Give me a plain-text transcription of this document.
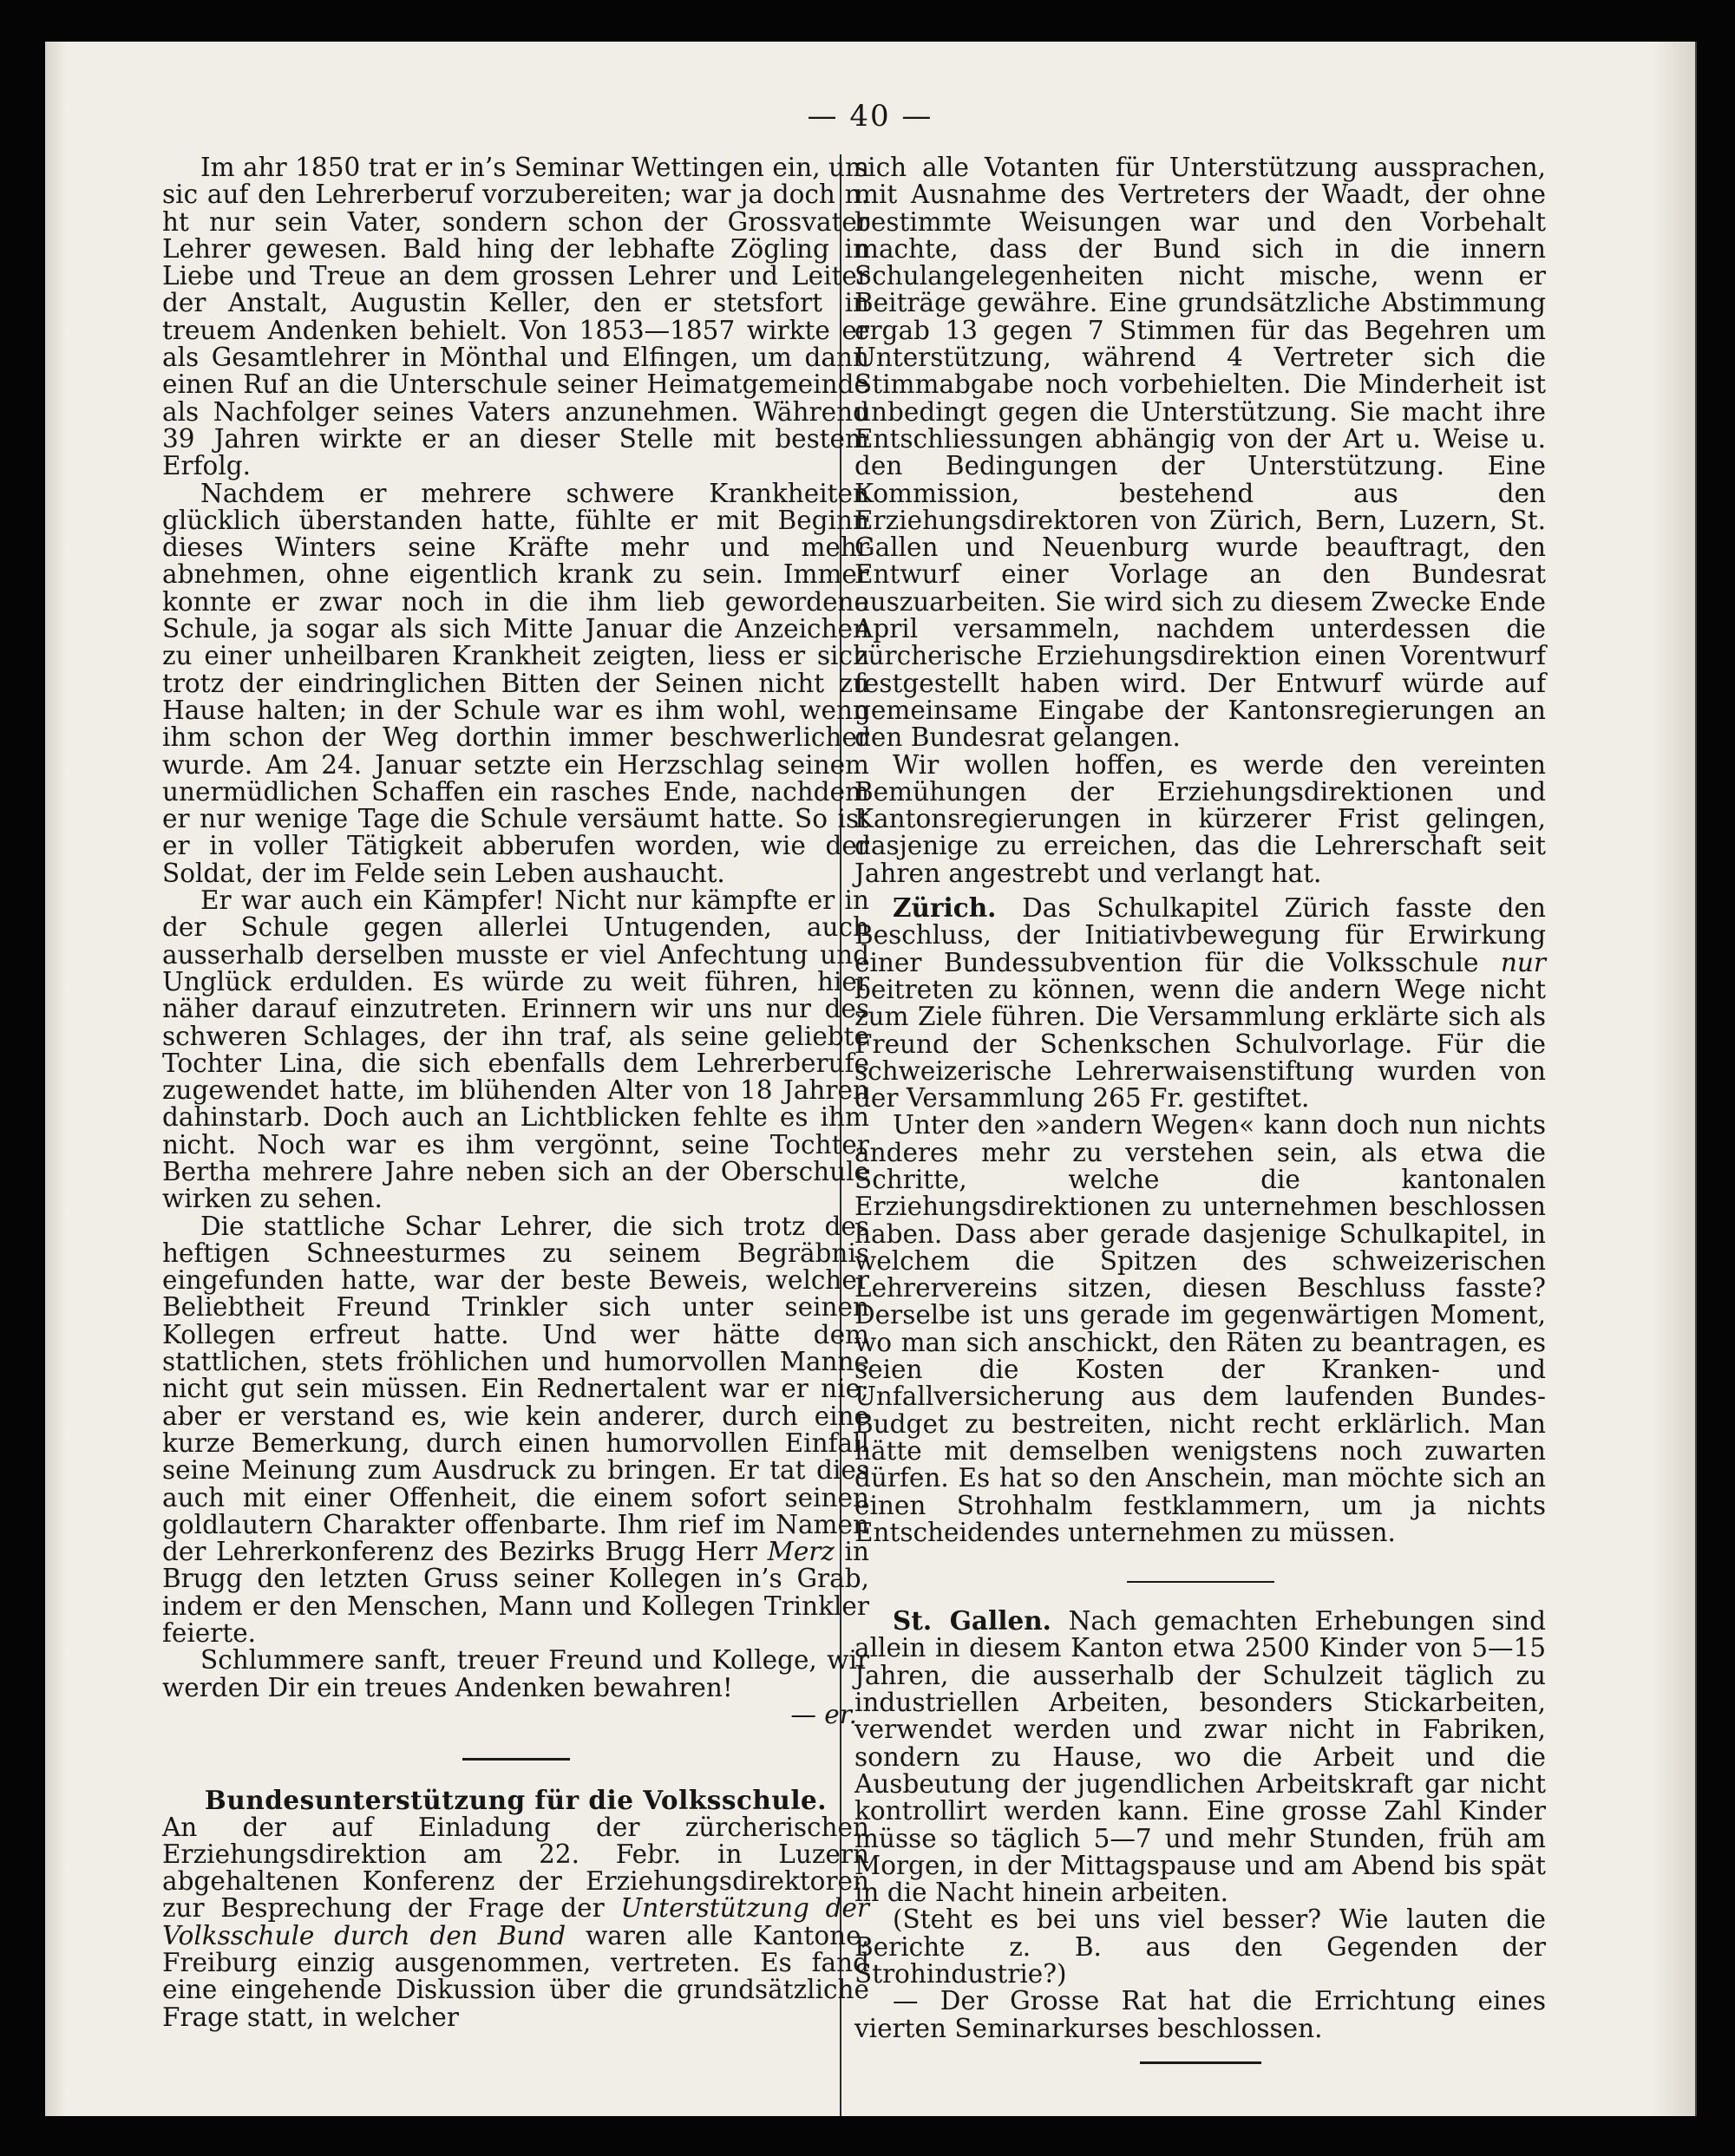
— 40 —

Im ahr 1850 trat er in’s Seminar Wettingen ein, um sic auf den Lehrerberuf vorzubereiten; war ja doch n. ht nur sein Vater, sondern schon der Grossvater Lehrer gewesen. Bald hing der lebhafte Zögling in Liebe und Treue an dem grossen Lehrer und Leiter der Anstalt, Augustin Keller, den er stetsfort in treuem Andenken behielt. Von 1853—1857 wirkte er als Gesamtlehrer in Mönthal und Elfingen, um dann einen Ruf an die Unterschule seiner Heimatgemeinde als Nachfolger seines Vaters anzunehmen. Während 39 Jahren wirkte er an dieser Stelle mit bestem Erfolg.

Nachdem er mehrere schwere Krankheiten glücklich überstanden hatte, fühlte er mit Beginn dieses Winters seine Kräfte mehr und mehr abnehmen, ohne eigentlich krank zu sein. Immer konnte er zwar noch in die ihm lieb gewordene Schule, ja sogar als sich Mitte Januar die Anzeichen zu einer unheilbaren Krankheit zeigten, liess er sich trotz der eindringlichen Bitten der Seinen nicht zu Hause halten; in der Schule war es ihm wohl, wenn ihm schon der Weg dorthin immer beschwerlicher wurde. Am 24. Januar setzte ein Herzschlag seinem unermüdlichen Schaffen ein rasches Ende, nachdem er nur wenige Tage die Schule versäumt hatte. So ist er in voller Tätigkeit abberufen worden, wie der Soldat, der im Felde sein Leben aushaucht.

Er war auch ein Kämpfer! Nicht nur kämpfte er in der Schule gegen allerlei Untugenden, auch ausserhalb derselben musste er viel Anfechtung und Unglück erdulden. Es würde zu weit führen, hier näher darauf einzutreten. Erinnern wir uns nur des schweren Schlages, der ihn traf, als seine geliebte Tochter Lina, die sich ebenfalls dem Lehrerberufe zugewendet hatte, im blühenden Alter von 18 Jahren dahinstarb. Doch auch an Lichtblicken fehlte es ihm nicht. Noch war es ihm vergönnt, seine Tochter Bertha mehrere Jahre neben sich an der Oberschule wirken zu sehen.

Die stattliche Schar Lehrer, die sich trotz des heftigen Schneesturmes zu seinem Begräbnis eingefunden hatte, war der beste Beweis, welcher Beliebtheit Freund Trinkler sich unter seinen Kollegen erfreut hatte. Und wer hätte dem stattlichen, stets fröhlichen und humorvollen Manne nicht gut sein müssen. Ein Rednertalent war er nie; aber er verstand es, wie kein anderer, durch eine kurze Bemerkung, durch einen humorvollen Einfall seine Meinung zum Ausdruck zu bringen. Er tat dies auch mit einer Offenheit, die einem sofort seinen goldlautern Charakter offenbarte. Ihm rief im Namen der Lehrerkonferenz des Bezirks Brugg Herr Merz in Brugg den letzten Gruss seiner Kollegen in’s Grab, indem er den Menschen, Mann und Kollegen Trinkler feierte.

Schlummere sanft, treuer Freund und Kollege, wir werden Dir ein treues Andenken bewahren!

— er.

Bundesunterstützung für die Volksschule.

An der auf Einladung der zürcherischen Erziehungsdirektion am 22. Febr. in Luzern abgehaltenen Konferenz der Erziehungsdirektoren zur Besprechung der Frage der Unterstützung der Volksschule durch den Bund waren alle Kantone, Freiburg einzig ausgenommen, vertreten. Es fand eine eingehende Diskussion über die grundsätzliche Frage statt, in welcher

sich alle Votanten für Unterstützung aussprachen, mit Ausnahme des Vertreters der Waadt, der ohne bestimmte Weisungen war und den Vorbehalt machte, dass der Bund sich in die innern Schulangelegenheiten nicht mische, wenn er Beiträge gewähre. Eine grundsätzliche Abstimmung ergab 13 gegen 7 Stimmen für das Begehren um Unterstützung, während 4 Vertreter sich die Stimmabgabe noch vorbehielten. Die Minderheit ist unbedingt gegen die Unterstützung. Sie macht ihre Entschliessungen abhängig von der Art u. Weise u. den Bedingungen der Unterstützung. Eine Kommission, bestehend aus den Erziehungsdirektoren von Zürich, Bern, Luzern, St. Gallen und Neuenburg wurde beauftragt, den Entwurf einer Vorlage an den Bundesrat auszuarbeiten. Sie wird sich zu diesem Zwecke Ende April versammeln, nachdem unterdessen die zürcherische Erziehungsdirektion einen Vorentwurf festgestellt haben wird. Der Entwurf würde auf gemeinsame Eingabe der Kantonsregierungen an den Bundesrat gelangen.

Wir wollen hoffen, es werde den vereinten Bemühungen der Erziehungsdirektionen und Kantonsregierungen in kürzerer Frist gelingen, dasjenige zu erreichen, das die Lehrerschaft seit Jahren angestrebt und verlangt hat.

Zürich. Das Schulkapitel Zürich fasste den Beschluss, der Initiativbewegung für Erwirkung einer Bundessubvention für die Volksschule nur beitreten zu können, wenn die andern Wege nicht zum Ziele führen. Die Versammlung erklärte sich als Freund der Schenkschen Schulvorlage. Für die schweizerische Lehrerwaisenstiftung wurden von der Versammlung 265 Fr. gestiftet.

Unter den »andern Wegen« kann doch nun nichts anderes mehr zu verstehen sein, als etwa die Schritte, welche die kantonalen Erziehungsdirektionen zu unternehmen beschlossen haben. Dass aber gerade dasjenige Schulkapitel, in welchem die Spitzen des schweizerischen Lehrervereins sitzen, diesen Beschluss fasste? Derselbe ist uns gerade im gegenwärtigen Moment, wo man sich anschickt, den Räten zu beantragen, es seien die Kosten der Kranken- und Unfallversicherung aus dem laufenden Bundes-Budget zu bestreiten, nicht recht erklärlich. Man hätte mit demselben wenigstens noch zuwarten dürfen. Es hat so den Anschein, man möchte sich an einen Strohhalm festklammern, um ja nichts Entscheidendes unternehmen zu müssen.

St. Gallen. Nach gemachten Erhebungen sind allein in diesem Kanton etwa 2500 Kinder von 5—15 Jahren, die ausserhalb der Schulzeit täglich zu industriellen Arbeiten, besonders Stickarbeiten, verwendet werden und zwar nicht in Fabriken, sondern zu Hause, wo die Arbeit und die Ausbeutung der jugendlichen Arbeitskraft gar nicht kontrollirt werden kann. Eine grosse Zahl Kinder müsse so täglich 5—7 und mehr Stunden, früh am Morgen, in der Mittagspause und am Abend bis spät in die Nacht hinein arbeiten.

(Steht es bei uns viel besser? Wie lauten die Berichte z. B. aus den Gegenden der Strohindustrie?)

— Der Grosse Rat hat die Errichtung eines vierten Seminarkurses beschlossen.
